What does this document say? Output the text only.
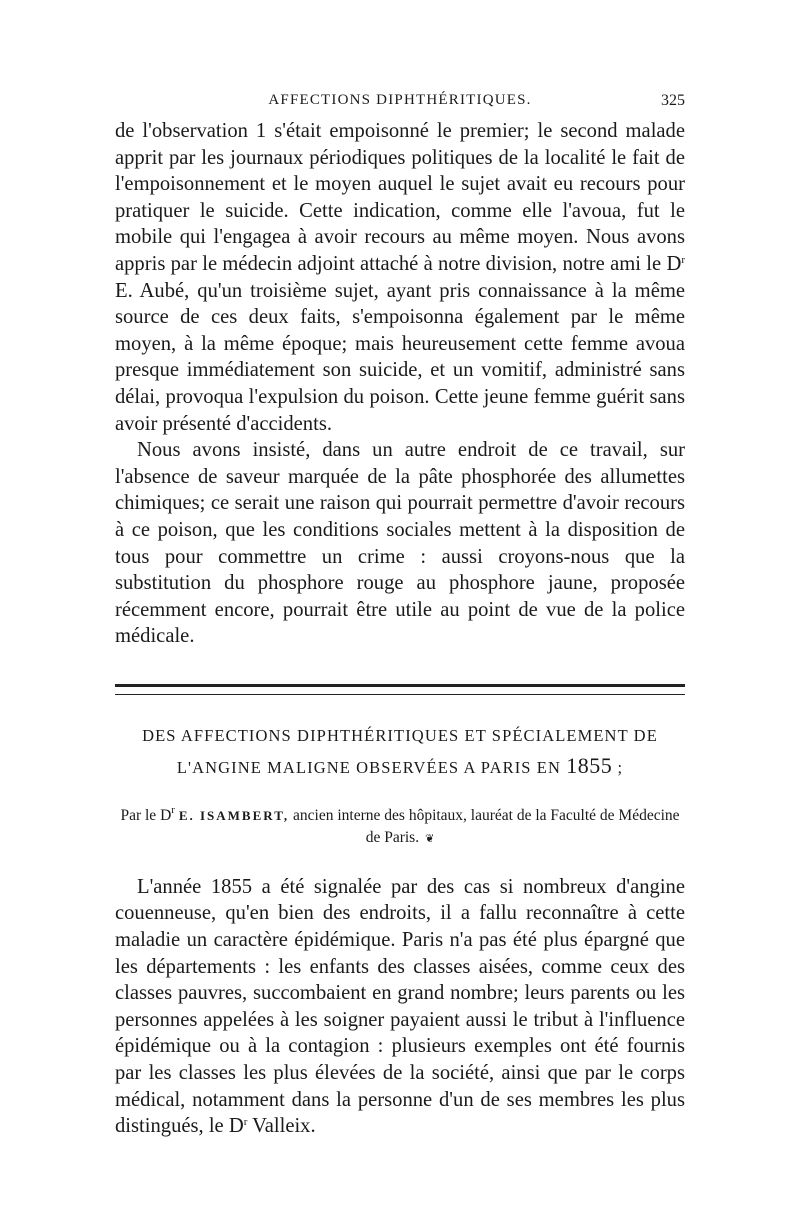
AFFECTIONS DIPHTHÉRITIQUES.	325

de l'observation 1 s'était empoisonné le premier; le second malade apprit par les journaux périodiques politiques de la localité le fait de l'empoisonnement et le moyen auquel le sujet avait eu recours pour pratiquer le suicide. Cette indication, comme elle l'avoua, fut le mobile qui l'engagea à avoir recours au même moyen. Nous avons appris par le médecin adjoint attaché à notre division, notre ami le $D^r$ E. Aubé, qu'un troisième sujet, ayant pris connaissance à la même source de ces deux faits, s'empoisonna également par le même moyen, à la même époque; mais heureusement cette femme avoua presque immédiatement son suicide, et un vomitif, administré sans délai, provoqua l'expulsion du poison. Cette jeune femme guérit sans avoir présenté d'accidents.

Nous avons insisté, dans un autre endroit de ce travail, sur l'absence de saveur marquée de la pâte phosphorée des allumettes chimiques; ce serait une raison qui pourrait permettre d'avoir recours à ce poison, que les conditions sociales mettent à la disposition de tous pour commettre un crime : aussi croyons-nous que la substitution du phosphore rouge au phosphore jaune, proposée récemment encore, pourrait être utile au point de vue de la police médicale.

DES AFFECTIONS DIPHTHÉRITIQUES ET SPÉCIALEMENT DE
L'ANGINE MALIGNE OBSERVÉES A PARIS EN 1855 ;
Par le $D^r$ E. ISAMBERT, ancien interne des hôpitaux, lauréat de la Faculté de Médecine de Paris. ❦

L'année 1855 a été signalée par des cas si nombreux d'angine couenneuse, qu'en bien des endroits, il a fallu reconnaître à cette maladie un caractère épidémique. Paris n'a pas été plus épargné que les départements : les enfants des classes aisées, comme ceux des classes pauvres, succombaient en grand nombre; leurs parents ou les personnes appelées à les soigner payaient aussi le tribut à l'influence épidémique ou à la contagion : plusieurs exemples ont été fournis par les classes les plus élevées de la société, ainsi que par le corps médical, notamment dans la personne d'un de ses membres les plus distingués, le $D^r$ Valleix.
